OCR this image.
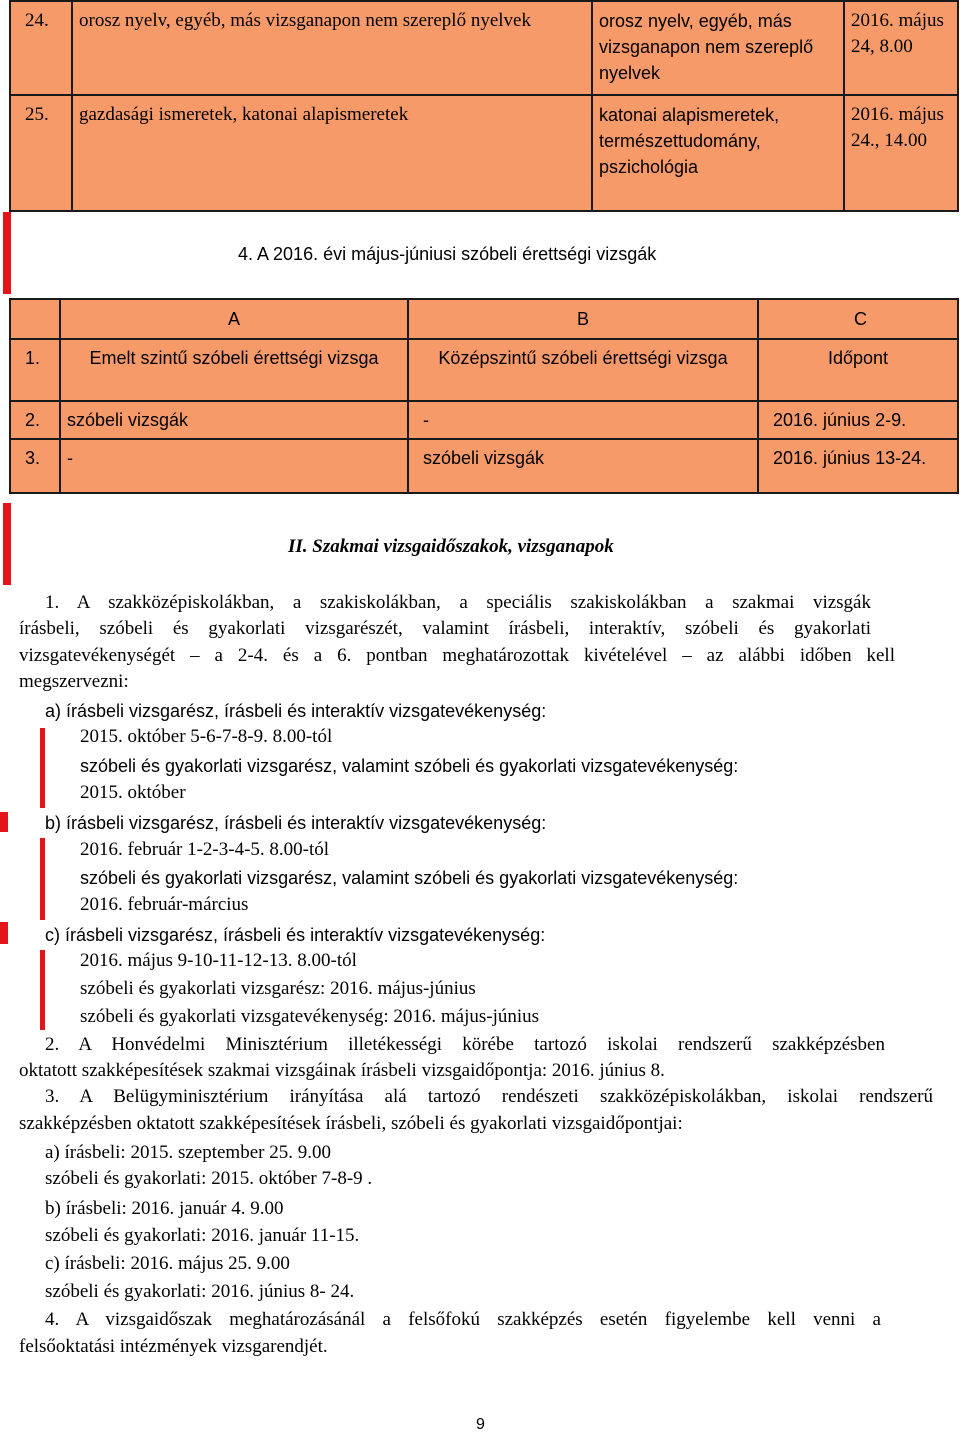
24.	orosz nyelv, egyéb, más vizsganapon nem szereplő nyelvek	orosz nyelv, egyéb, más vizsganapon nem szereplő nyelvek	2016. május 24, 8.00
25.	gazdasági ismeretek, katonai alapismeretek	katonai alapismeretek, természettudomány, pszichológia	2016. május 24., 14.00
4. A 2016. évi május-júniusi szóbeli érettségi vizsgák
	A	B	C
1.	Emelt szintű szóbeli érettségi vizsga	Középszintű szóbeli érettségi vizsga	Időpont
2.	szóbeli vizsgák	-	2016. június 2-9.
3.	-	szóbeli vizsgák	2016. június 13-24.
II. Szakmai vizsgaidőszakok, vizsganapok
1. A szakközépiskolákban, a szakiskolákban, a speciális szakiskolákban a szakmai vizsgák
írásbeli, szóbeli és gyakorlati vizsgarészét, valamint írásbeli, interaktív, szóbeli és gyakorlati
vizsgatevékenységét – a 2-4. és a 6. pontban meghatározottak kivételével – az alábbi időben kell
megszervezni:
a) írásbeli vizsgarész, írásbeli és interaktív vizsgatevékenység:
2015. október 5-6-7-8-9. 8.00-tól
szóbeli és gyakorlati vizsgarész, valamint szóbeli és gyakorlati vizsgatevékenység:
2015. október
b) írásbeli vizsgarész, írásbeli és interaktív vizsgatevékenység:
2016. február 1-2-3-4-5. 8.00-tól
szóbeli és gyakorlati vizsgarész, valamint szóbeli és gyakorlati vizsgatevékenység:
2016. február-március
c) írásbeli vizsgarész, írásbeli és interaktív vizsgatevékenység:
2016. május 9-10-11-12-13. 8.00-tól
szóbeli és gyakorlati vizsgarész: 2016. május-június
szóbeli és gyakorlati vizsgatevékenység: 2016. május-június
2. A Honvédelmi Minisztérium illetékességi körébe tartozó iskolai rendszerű szakképzésben
oktatott szakképesítések szakmai vizsgáinak írásbeli vizsgaidőpontja: 2016. június 8.
3. A Belügyminisztérium irányítása alá tartozó rendészeti szakközépiskolákban, iskolai rendszerű
szakképzésben oktatott szakképesítések írásbeli, szóbeli és gyakorlati vizsgaidőpontjai:
a) írásbeli: 2015. szeptember 25. 9.00
szóbeli és gyakorlati: 2015. október 7-8-9 .
b) írásbeli: 2016. január 4. 9.00
szóbeli és gyakorlati: 2016. január 11-15.
c) írásbeli: 2016. május 25. 9.00
szóbeli és gyakorlati: 2016. június 8- 24.
4. A vizsgaidőszak meghatározásánál a felsőfokú szakképzés esetén figyelembe kell venni a
felsőoktatási intézmények vizsgarendjét.
9
